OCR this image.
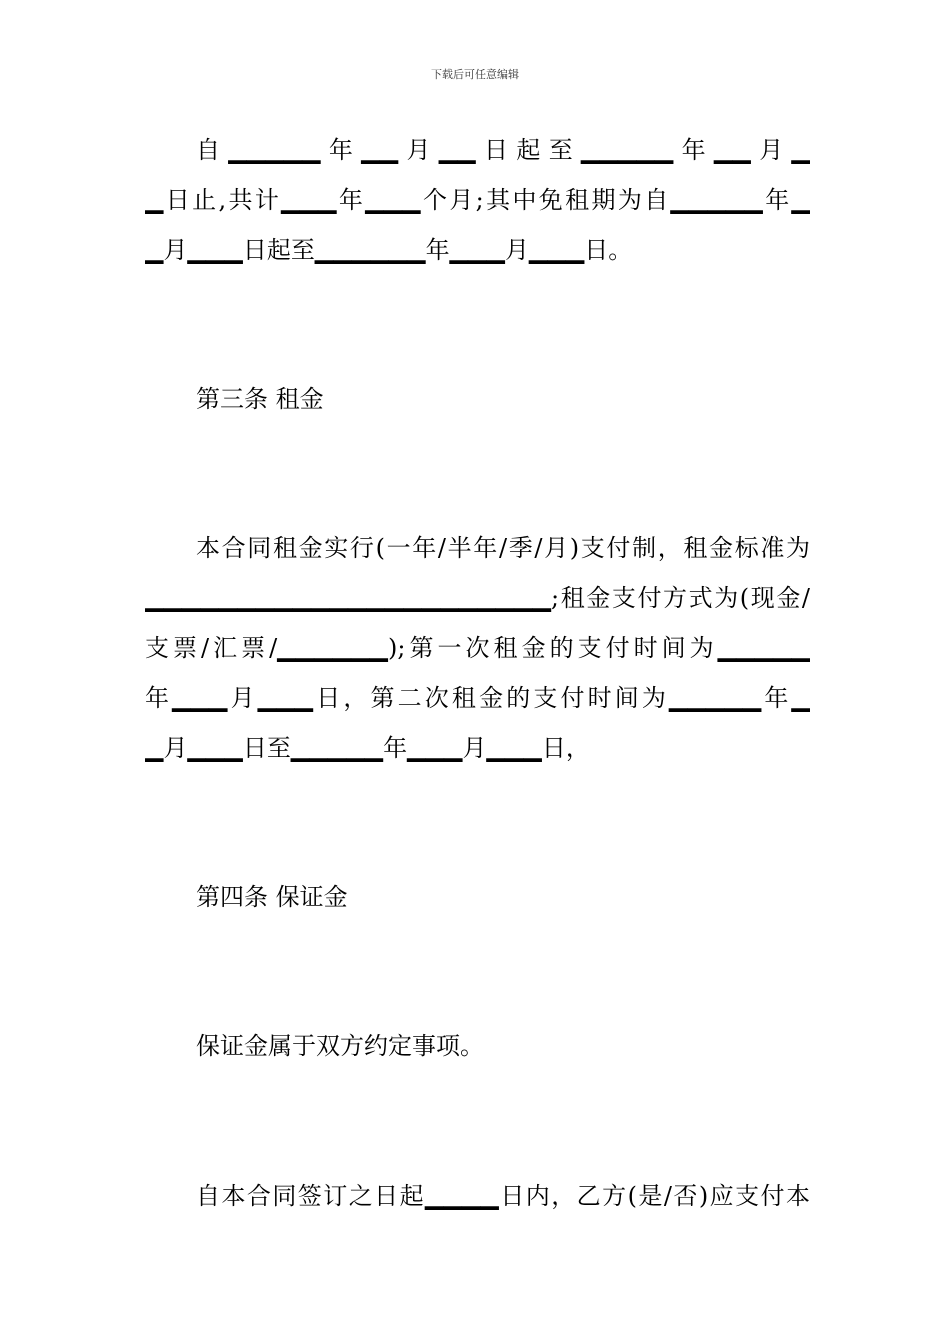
下载后可任意编辑
自▁▁▁▁▁年▁▁月▁▁日起至▁▁▁▁▁年▁▁月▁
▁日止,共计▁▁▁年▁▁▁个月;其中免租期为自▁▁▁▁▁年▁
▁月▁▁▁日起至▁▁▁▁▁▁年▁▁▁月▁▁▁日。
第三条 租金
本合同租金实行(一年/半年/季/月)支付制，租金标准为
▁▁▁▁▁▁▁▁▁▁▁▁▁▁▁▁▁▁▁▁▁▁;租金支付方式为(现金/
支票/汇票/▁▁▁▁▁▁);第一次租金的支付时间为▁▁▁▁▁
年▁▁▁月▁▁▁日，第二次租金的支付时间为▁▁▁▁▁年▁
▁月▁▁▁日至▁▁▁▁▁年▁▁▁月▁▁▁日，
第四条 保证金
保证金属于双方约定事项。
自本合同签订之日起▁▁▁▁日内，乙方(是/否)应支付本
